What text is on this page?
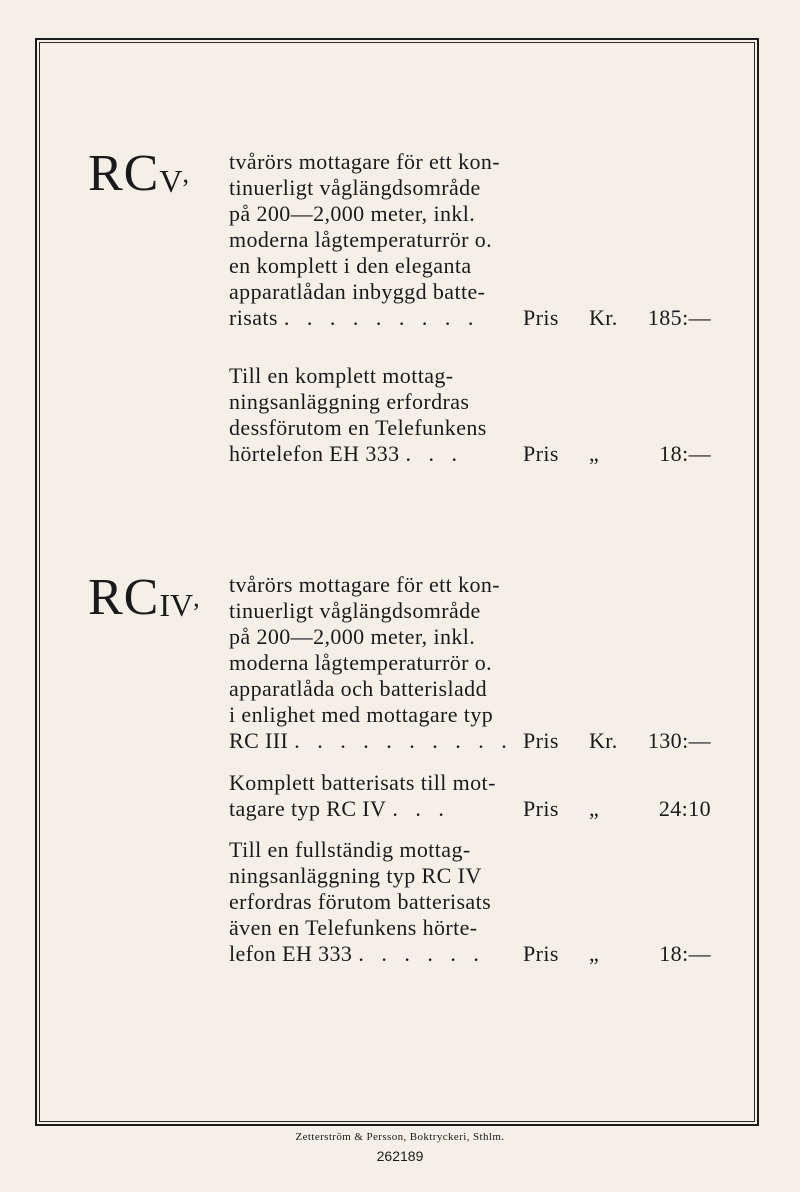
RCV, tvårörs mottagare för ett kon-
tinuerligt våglängdsområde
på 200—2,000 meter, inkl.
moderna lågtemperaturrör o.
en komplett i den eleganta
apparatlådan inbyggd batte-
risats . . . . . . . . .	Pris	Kr.	185:—
Till en komplett mottag-
ningsanläggning erfordras
dessförutom en Telefunkens
hörtelefon EH 333 . . .	Pris	„	18:—
RCIV, tvårörs mottagare för ett kon-
tinuerligt våglängdsområde
på 200—2,000 meter, inkl.
moderna lågtemperaturrör o.
apparatlåda och batterisladd
i enlighet med mottagare typ
RC III . . . . . . . . . . Pris	Kr.	130:—
Komplett batterisats till mot-
tagare typ RC IV . . .	Pris	„	24:10
Till en fullständig mottag-
ningsanläggning typ RC IV
erfordras förutom batterisats
även en Telefunkens hörte-
lefon EH 333 . . . . . .	Pris	„	18:—
Zetterström & Persson, Boktryckeri, Sthlm.
262189
